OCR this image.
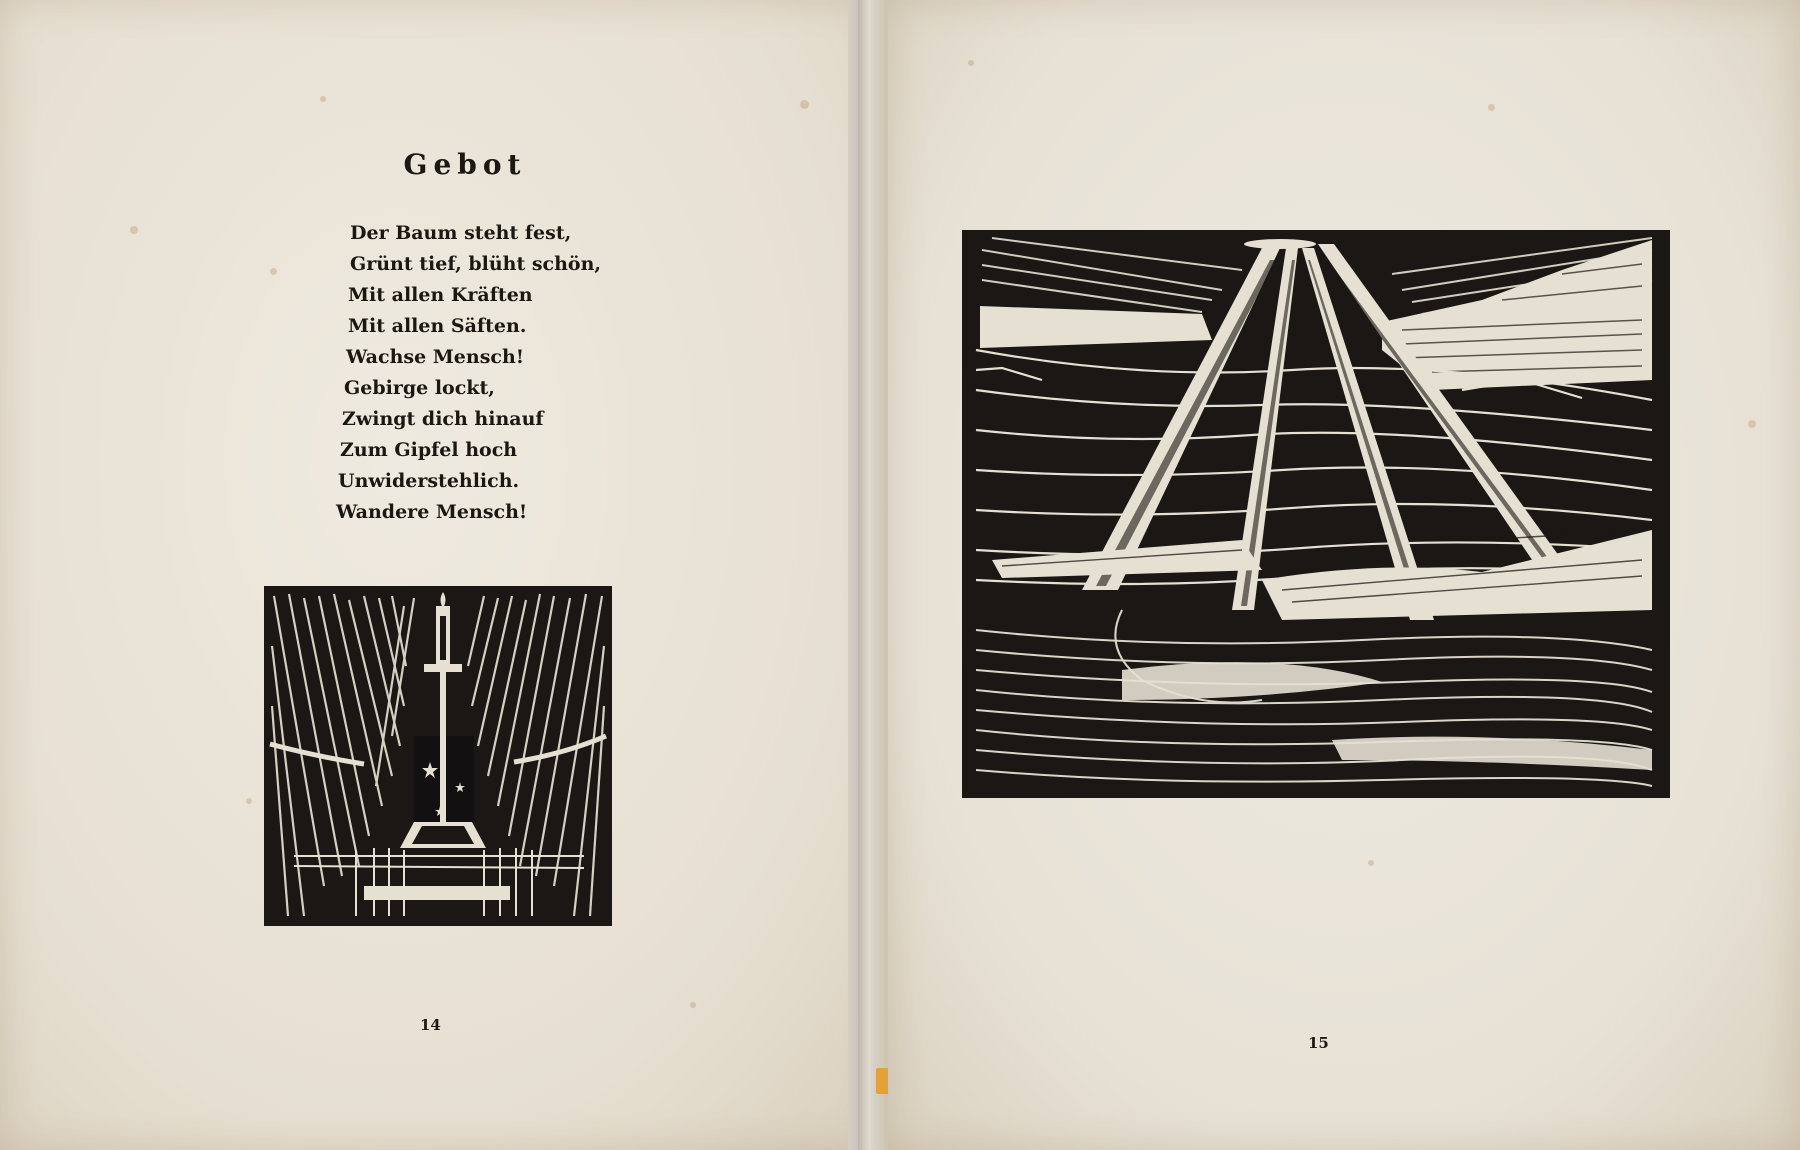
Gebot
Der Baum steht fest,
Grünt tief, blüht schön,
Mit allen Kräften
Mit allen Säften.
Wachse Mensch!
Gebirge lockt,
Zwingt dich hinauf
Zum Gipfel hoch
Unwiderstehlich.
Wandere Mensch!
14
15
